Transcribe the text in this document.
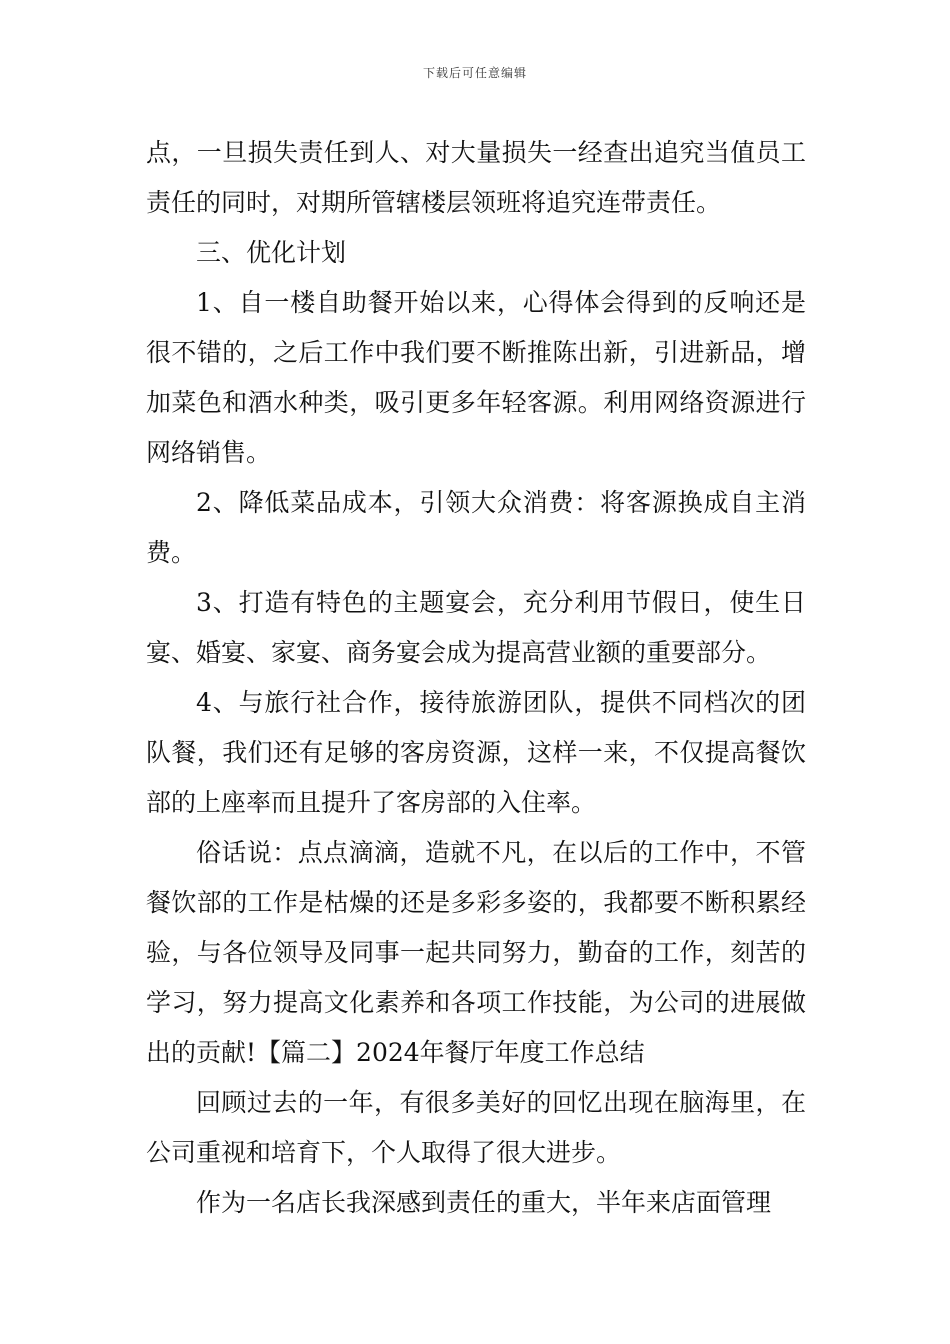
下载后可任意编辑

点，一旦损失责任到人、对大量损失一经查出追究当值员工责任的同时，对期所管辖楼层领班将追究连带责任。

三、优化计划

1、自一楼自助餐开始以来，心得体会得到的反响还是很不错的，之后工作中我们要不断推陈出新，引进新品，增加菜色和酒水种类，吸引更多年轻客源。利用网络资源进行网络销售。

2、降低菜品成本，引领大众消费：将客源换成自主消费。

3、打造有特色的主题宴会，充分利用节假日，使生日宴、婚宴、家宴、商务宴会成为提高营业额的重要部分。

4、与旅行社合作，接待旅游团队，提供不同档次的团队餐，我们还有足够的客房资源，这样一来，不仅提高餐饮部的上座率而且提升了客房部的入住率。

俗话说：点点滴滴，造就不凡，在以后的工作中，不管餐饮部的工作是枯燥的还是多彩多姿的，我都要不断积累经验，与各位领导及同事一起共同努力，勤奋的工作，刻苦的学习，努力提高文化素养和各项工作技能，为公司的进展做出的贡献!【篇二】2024年餐厅年度工作总结

回顾过去的一年，有很多美好的回忆出现在脑海里，在公司重视和培育下，个人取得了很大进步。

作为一名店长我深感到责任的重大，半年来店面管理
